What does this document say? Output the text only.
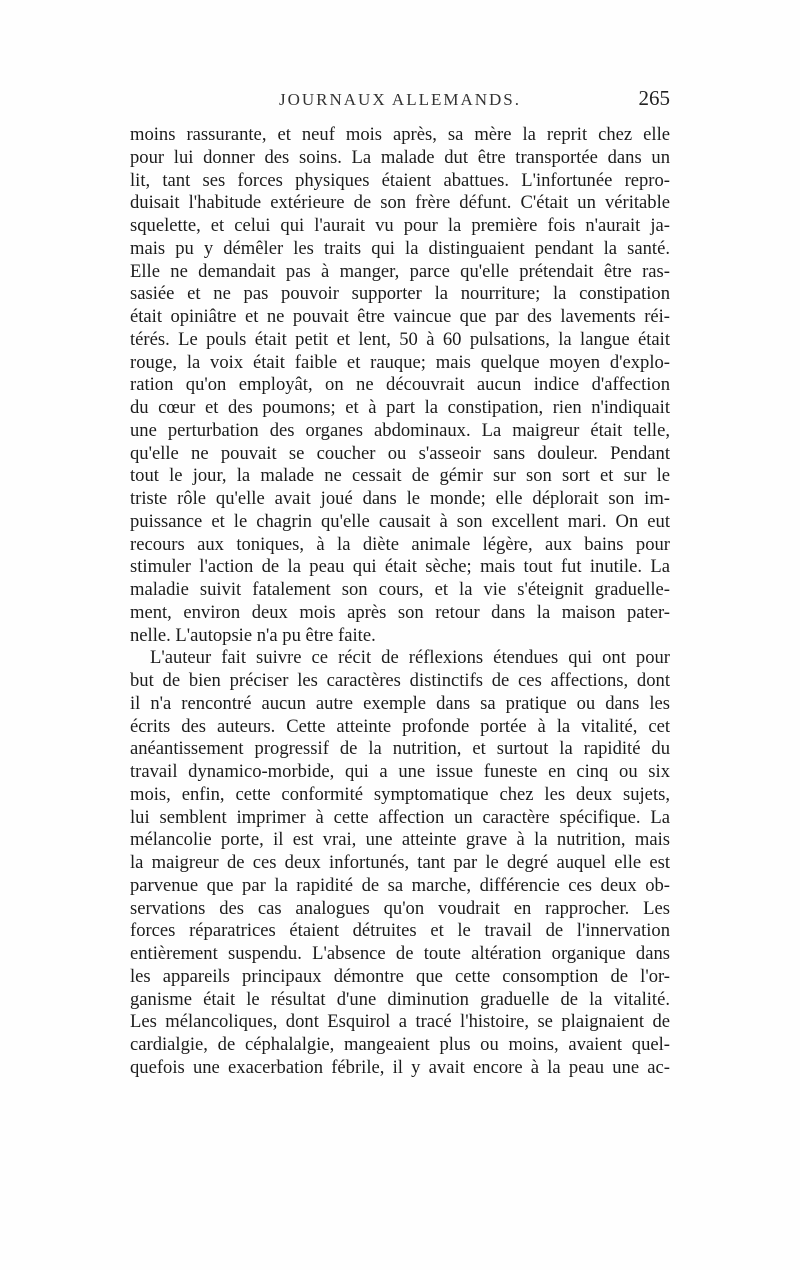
JOURNAUX ALLEMANDS.	265
moins rassurante, et neuf mois après, sa mère la reprit chez elle
pour lui donner des soins. La malade dut être transportée dans un
lit, tant ses forces physiques étaient abattues. L'infortunée repro-
duisait l'habitude extérieure de son frère défunt. C'était un véritable
squelette, et celui qui l'aurait vu pour la première fois n'aurait ja-
mais pu y démêler les traits qui la distinguaient pendant la santé.
Elle ne demandait pas à manger, parce qu'elle prétendait être ras-
sasiée et ne pas pouvoir supporter la nourriture; la constipation
était opiniâtre et ne pouvait être vaincue que par des lavements réi-
térés. Le pouls était petit et lent, 50 à 60 pulsations, la langue était
rouge, la voix était faible et rauque; mais quelque moyen d'explo-
ration qu'on employât, on ne découvrait aucun indice d'affection
du cœur et des poumons; et à part la constipation, rien n'indiquait
une perturbation des organes abdominaux. La maigreur était telle,
qu'elle ne pouvait se coucher ou s'asseoir sans douleur. Pendant
tout le jour, la malade ne cessait de gémir sur son sort et sur le
triste rôle qu'elle avait joué dans le monde; elle déplorait son im-
puissance et le chagrin qu'elle causait à son excellent mari. On eut
recours aux toniques, à la diète animale légère, aux bains pour
stimuler l'action de la peau qui était sèche; mais tout fut inutile. La
maladie suivit fatalement son cours, et la vie s'éteignit graduelle-
ment, environ deux mois après son retour dans la maison pater-
nelle. L'autopsie n'a pu être faite.
L'auteur fait suivre ce récit de réflexions étendues qui ont pour
but de bien préciser les caractères distinctifs de ces affections, dont
il n'a rencontré aucun autre exemple dans sa pratique ou dans les
écrits des auteurs. Cette atteinte profonde portée à la vitalité, cet
anéantissement progressif de la nutrition, et surtout la rapidité du
travail dynamico-morbide, qui a une issue funeste en cinq ou six
mois, enfin, cette conformité symptomatique chez les deux sujets,
lui semblent imprimer à cette affection un caractère spécifique. La
mélancolie porte, il est vrai, une atteinte grave à la nutrition, mais
la maigreur de ces deux infortunés, tant par le degré auquel elle est
parvenue que par la rapidité de sa marche, différencie ces deux ob-
servations des cas analogues qu'on voudrait en rapprocher. Les
forces réparatrices étaient détruites et le travail de l'innervation
entièrement suspendu. L'absence de toute altération organique dans
les appareils principaux démontre que cette consomption de l'or-
ganisme était le résultat d'une diminution graduelle de la vitalité.
Les mélancoliques, dont Esquirol a tracé l'histoire, se plaignaient de
cardialgie, de céphalalgie, mangeaient plus ou moins, avaient quel-
quefois une exacerbation fébrile, il y avait encore à la peau une ac-
